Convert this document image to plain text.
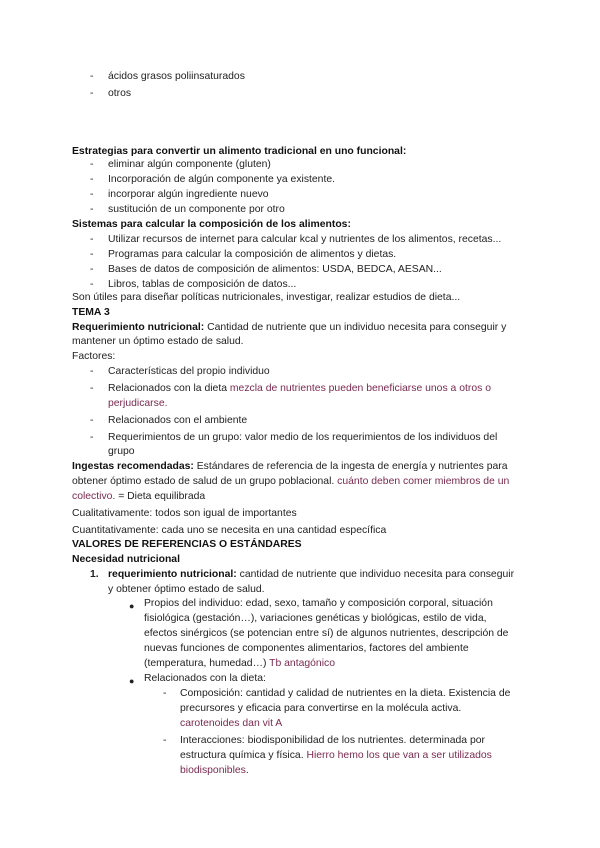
- ácidos grasos poliinsaturados
- otros
Estrategias para convertir un alimento tradicional en uno funcional:
- eliminar algún componente (gluten)
- Incorporación de algún componente ya existente.
- incorporar algún ingrediente nuevo
- sustitución de un componente por otro
Sistemas para calcular la composición de los alimentos:
- Utilizar recursos de internet para calcular kcal y nutrientes de los alimentos, recetas...
- Programas para calcular la composición de alimentos y dietas.
- Bases de datos de composición de alimentos: USDA, BEDCA, AESAN...
- Libros, tablas de composición de datos...
Son útiles para diseñar políticas nutricionales, investigar, realizar estudios de dieta...
TEMA 3
Requerimiento nutricional: Cantidad de nutriente que un individuo necesita para conseguir y
mantener un óptimo estado de salud.
Factores:
- Características del propio individuo
- Relacionados con la dieta mezcla de nutrientes pueden beneficiarse unos a otros o
perjudicarse.
- Relacionados con el ambiente
- Requerimientos de un grupo: valor medio de los requerimientos de los individuos del
grupo
Ingestas recomendadas: Estándares de referencia de la ingesta de energía y nutrientes para
obtener óptimo estado de salud de un grupo poblacional. cuánto deben comer miembros de un
colectivo. = Dieta equilibrada
Cualitativamente: todos son igual de importantes
Cuantitativamente: cada uno se necesita en una cantidad específica
VALORES DE REFERENCIAS O ESTÁNDARES
Necesidad nutricional
1. requerimiento nutricional: cantidad de nutriente que individuo necesita para conseguir
y obtener óptimo estado de salud.
● Propios del individuo: edad, sexo, tamaño y composición corporal, situación
fisiológica (gestación…), variaciones genéticas y biológicas, estilo de vida,
efectos sinérgicos (se potencian entre sí) de algunos nutrientes, descripción de
nuevas funciones de componentes alimentarios, factores del ambiente
(temperatura, humedad…) Tb antagónico
● Relacionados con la dieta:
- Composición: cantidad y calidad de nutrientes en la dieta. Existencia de
precursores y eficacia para convertirse en la molécula activa.
carotenoides dan vit A
- Interacciones: biodisponibilidad de los nutrientes. determinada por
estructura química y física. Hierro hemo los que van a ser utilizados
biodisponibles.
